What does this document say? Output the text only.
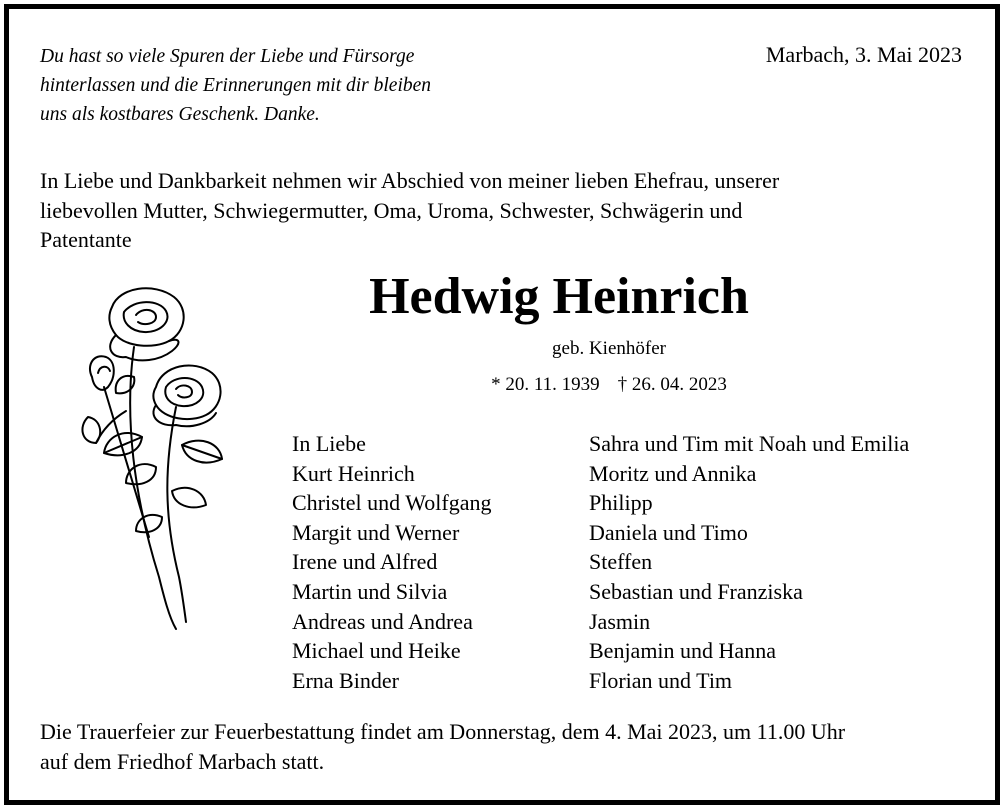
Du hast so viele Spuren der Liebe und Fürsorge
hinterlassen und die Erinnerungen mit dir bleiben
uns als kostbares Geschenk. Danke.
Marbach, 3. Mai 2023
In Liebe und Dankbarkeit nehmen wir Abschied von meiner lieben Ehefrau, unserer
liebevollen Mutter, Schwiegermutter, Oma, Uroma, Schwester, Schwägerin und
Patentante
Hedwig Heinrich
geb. Kienhöfer
* 20. 11. 1939 † 26. 04. 2023
In Liebe
Kurt Heinrich
Christel und Wolfgang
Margit und Werner
Irene und Alfred
Martin und Silvia
Andreas und Andrea
Michael und Heike
Erna Binder
Sahra und Tim mit Noah und Emilia
Moritz und Annika
Philipp
Daniela und Timo
Steffen
Sebastian und Franziska
Jasmin
Benjamin und Hanna
Florian und Tim
Die Trauerfeier zur Feuerbestattung findet am Donnerstag, dem 4. Mai 2023, um 11.00 Uhr
auf dem Friedhof Marbach statt.
